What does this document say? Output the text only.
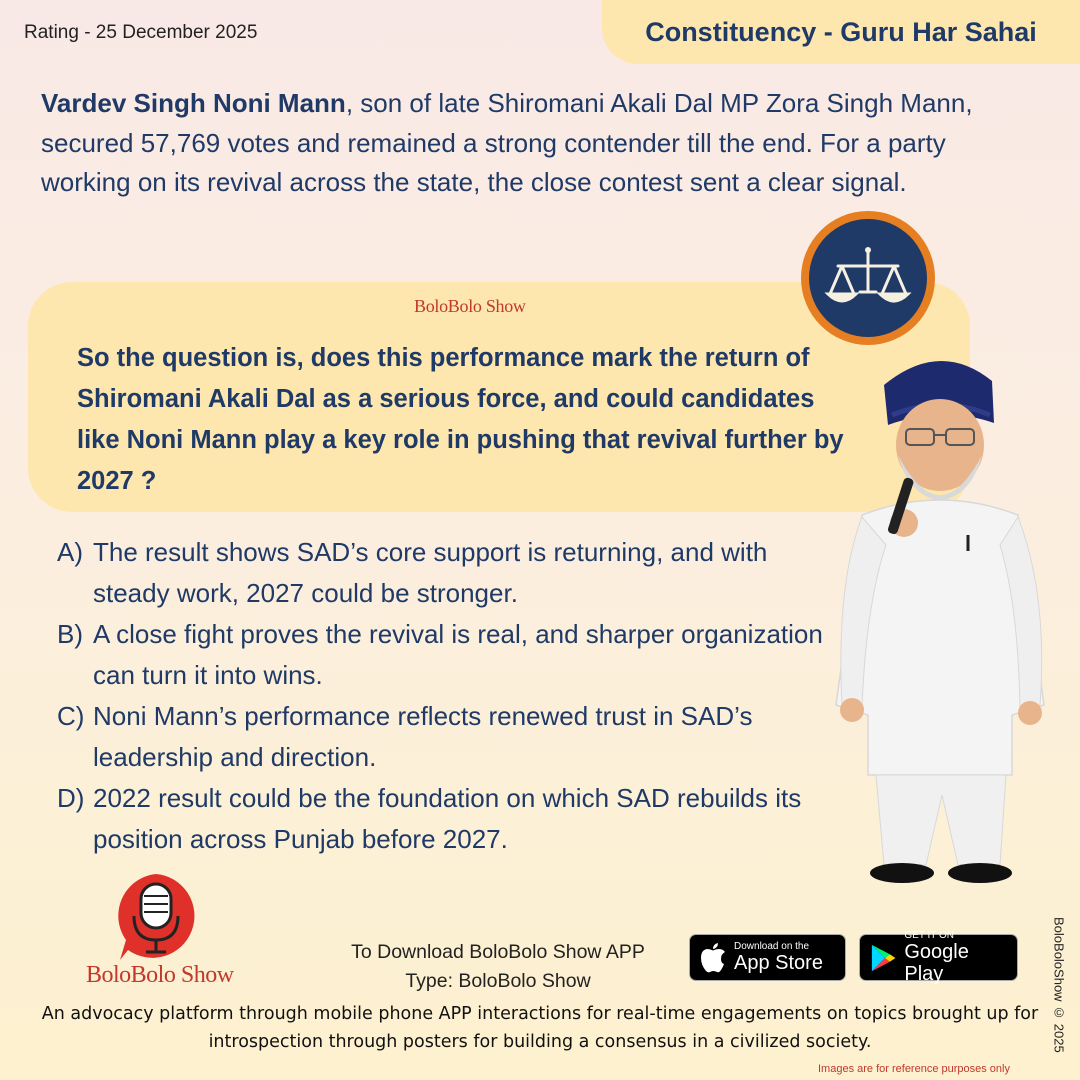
Rating - 25 December 2025	Constituency - Guru Har Sahai

Vardev Singh Noni Mann, son of late Shiromani Akali Dal MP Zora Singh Mann, secured 57,769 votes and remained a strong contender till the end. For a party working on its revival across the state, the close contest sent a clear signal.

BoloBolo Show
So the question is, does this performance mark the return of Shiromani Akali Dal as a serious force, and could candidates like Noni Mann play a key role in pushing that revival further by 2027 ?
A) The result shows SAD’s core support is returning, and with steady work, 2027 could be stronger.
B) A close fight proves the revival is real, and sharper organization can turn it into wins.
C) Noni Mann’s performance reflects renewed trust in SAD’s leadership and direction.
D) 2022 result could be the foundation on which SAD rebuilds its position across Punjab before 2027.
BoloBolo Show
To Download BoloBolo Show APP
Type: BoloBolo Show
Download on the
App Store
GET IT ON
Google Play
An advocacy platform through mobile phone APP interactions for real-time engagements on topics brought up for introspection through posters for building a consensus in a civilized society.	BoloBoloShow © 2025
Images are for reference purposes only
